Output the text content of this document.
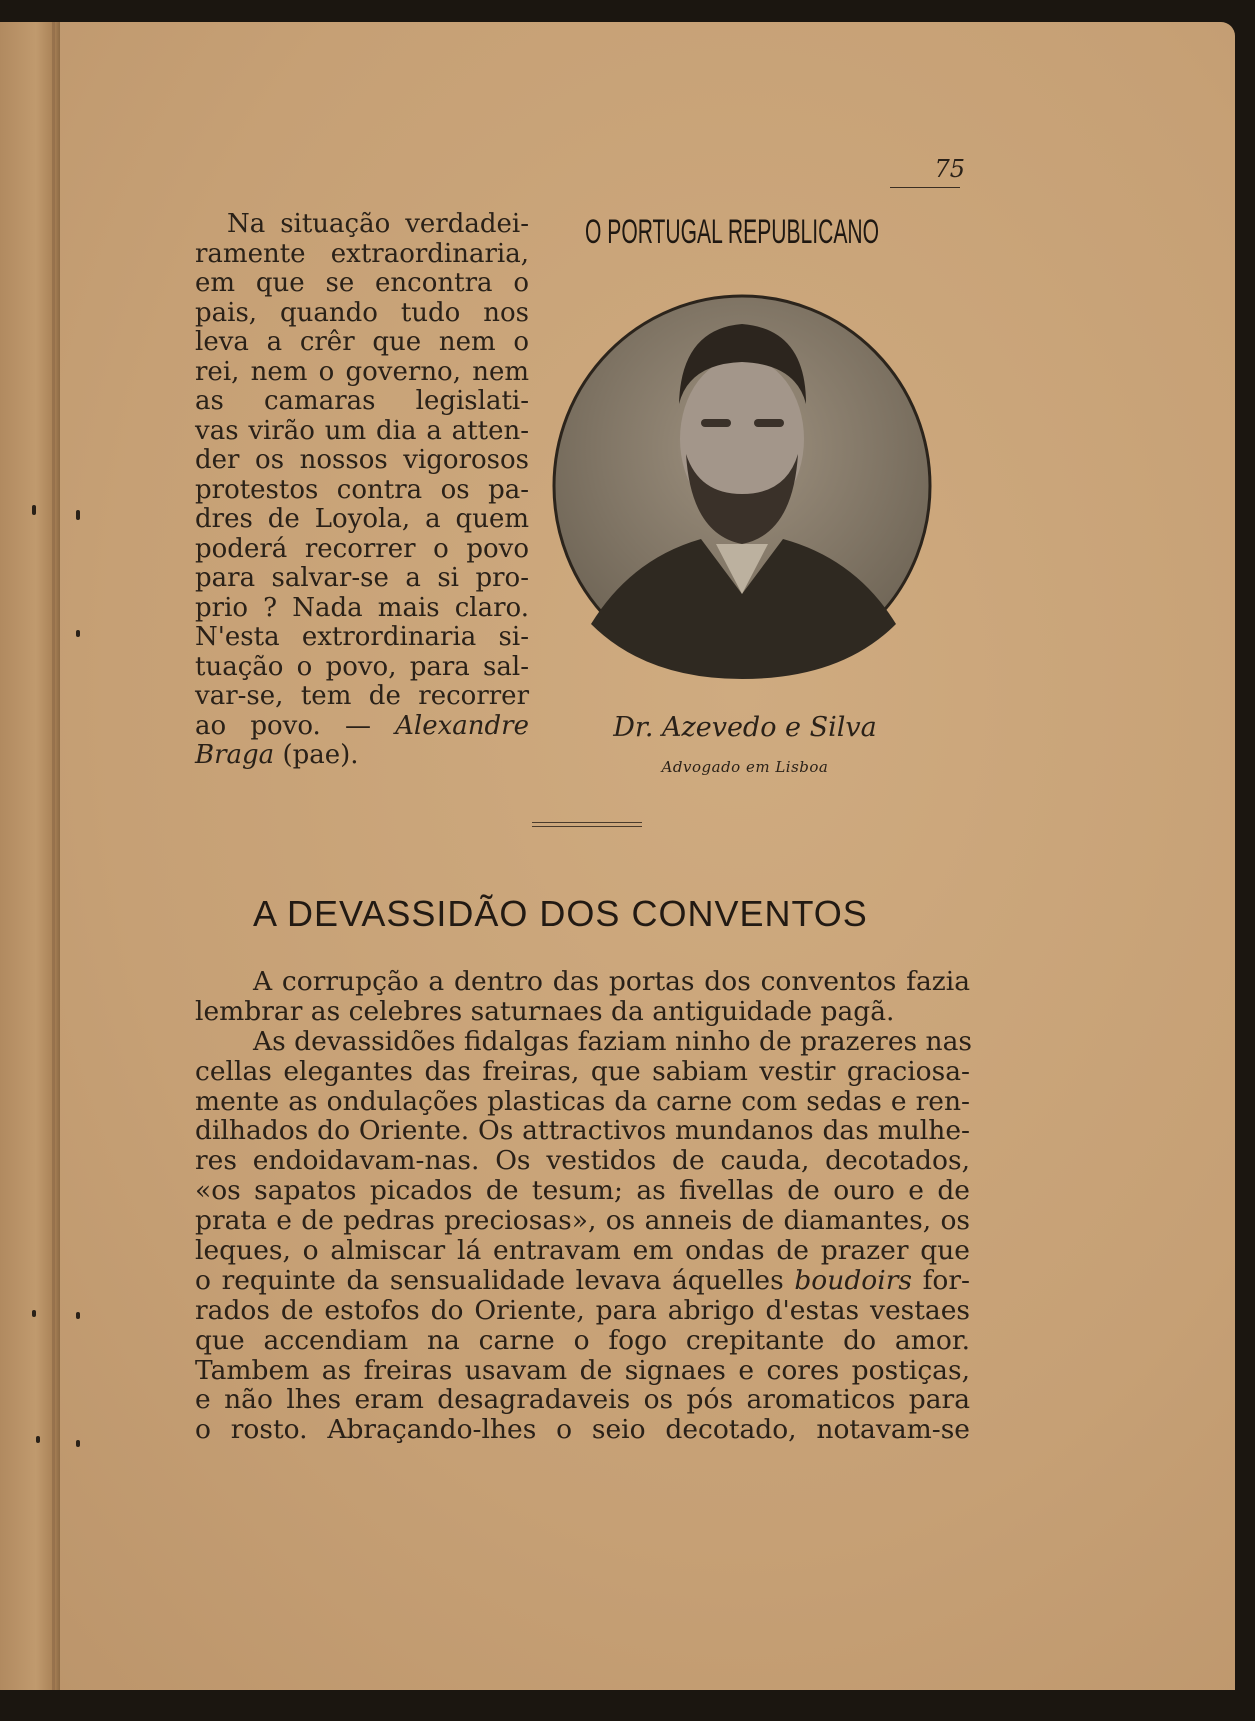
75
Na situação verdadei-
ramente extraordinaria,
em que se encontra o
pais, quando tudo nos
leva a crêr que nem o
rei, nem o governo, nem
as camaras legislati-
vas virão um dia a atten-
der os nossos vigorosos
protestos contra os pa-
dres de Loyola, a quem
poderá recorrer o povo
para salvar-se a si pro-
prio ? Nada mais claro.
N'esta extrordinaria si-
tuação o povo, para sal-
var-se, tem de recorrer
ao povo. — Alexandre
Braga (pae).
O PORTUGAL REPUBLICANO
Dr. Azevedo e Silva
Advogado em Lisboa
A DEVASSIDÃO DOS CONVENTOS
A corrupção a dentro das portas dos conventos fazia
lembrar as celebres saturnaes da antiguidade pagã.
As devassidões fidalgas faziam ninho de prazeres nas
cellas elegantes das freiras, que sabiam vestir graciosa-
mente as ondulações plasticas da carne com sedas e ren-
dilhados do Oriente. Os attractivos mundanos das mulhe-
res endoidavam-nas. Os vestidos de cauda, decotados,
«os sapatos picados de tesum; as fivellas de ouro e de
prata e de pedras preciosas», os anneis de diamantes, os
leques, o almiscar lá entravam em ondas de prazer que
o requinte da sensualidade levava áquelles boudoirs for-
rados de estofos do Oriente, para abrigo d'estas vestaes
que accendiam na carne o fogo crepitante do amor.
Tambem as freiras usavam de signaes e cores postiças,
e não lhes eram desagradaveis os pós aromaticos para
o rosto. Abraçando-lhes o seio decotado, notavam-se
